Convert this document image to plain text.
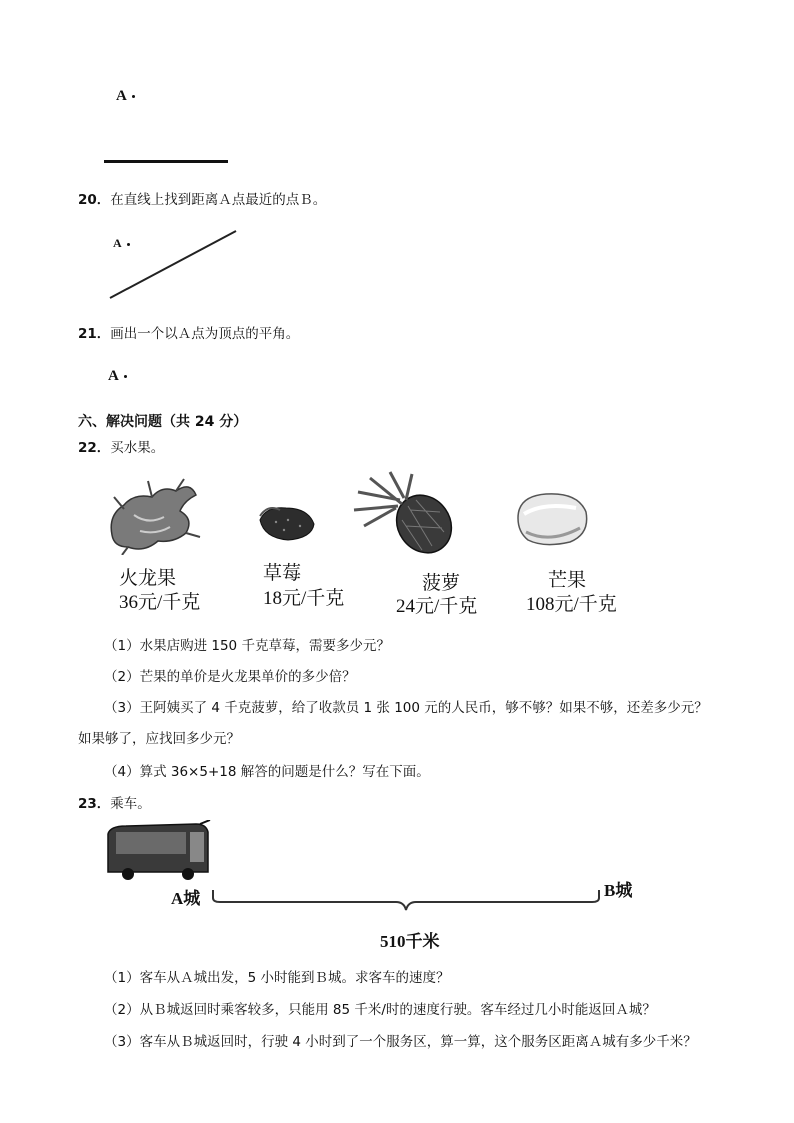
A
20．在直线上找到距离Ａ点最近的点Ｂ。
A
21．画出一个以Ａ点为顶点的平角。
A
六、解决问题（共 24 分）
22．买水果。
火龙果
36元/千克
草莓
18元/千克
菠萝
24元/千克
芒果
108元/千克
（1）水果店购进 150 千克草莓，需要多少元？
（2）芒果的单价是火龙果单价的多少倍？
（3）王阿姨买了 4 千克菠萝，给了收款员 1 张 100 元的人民币，够不够？如果不够，还差多少元？
如果够了，应找回多少元？
（4）算式 36×5+18 解答的问题是什么？写在下面。
23．乘车。
A城	B城
510千米
（1）客车从Ａ城出发，5 小时能到Ｂ城。求客车的速度？
（2）从Ｂ城返回时乘客较多，只能用 85 千米/时的速度行驶。客车经过几小时能返回Ａ城？
（3）客车从Ｂ城返回时，行驶 4 小时到了一个服务区，算一算，这个服务区距离Ａ城有多少千米？
